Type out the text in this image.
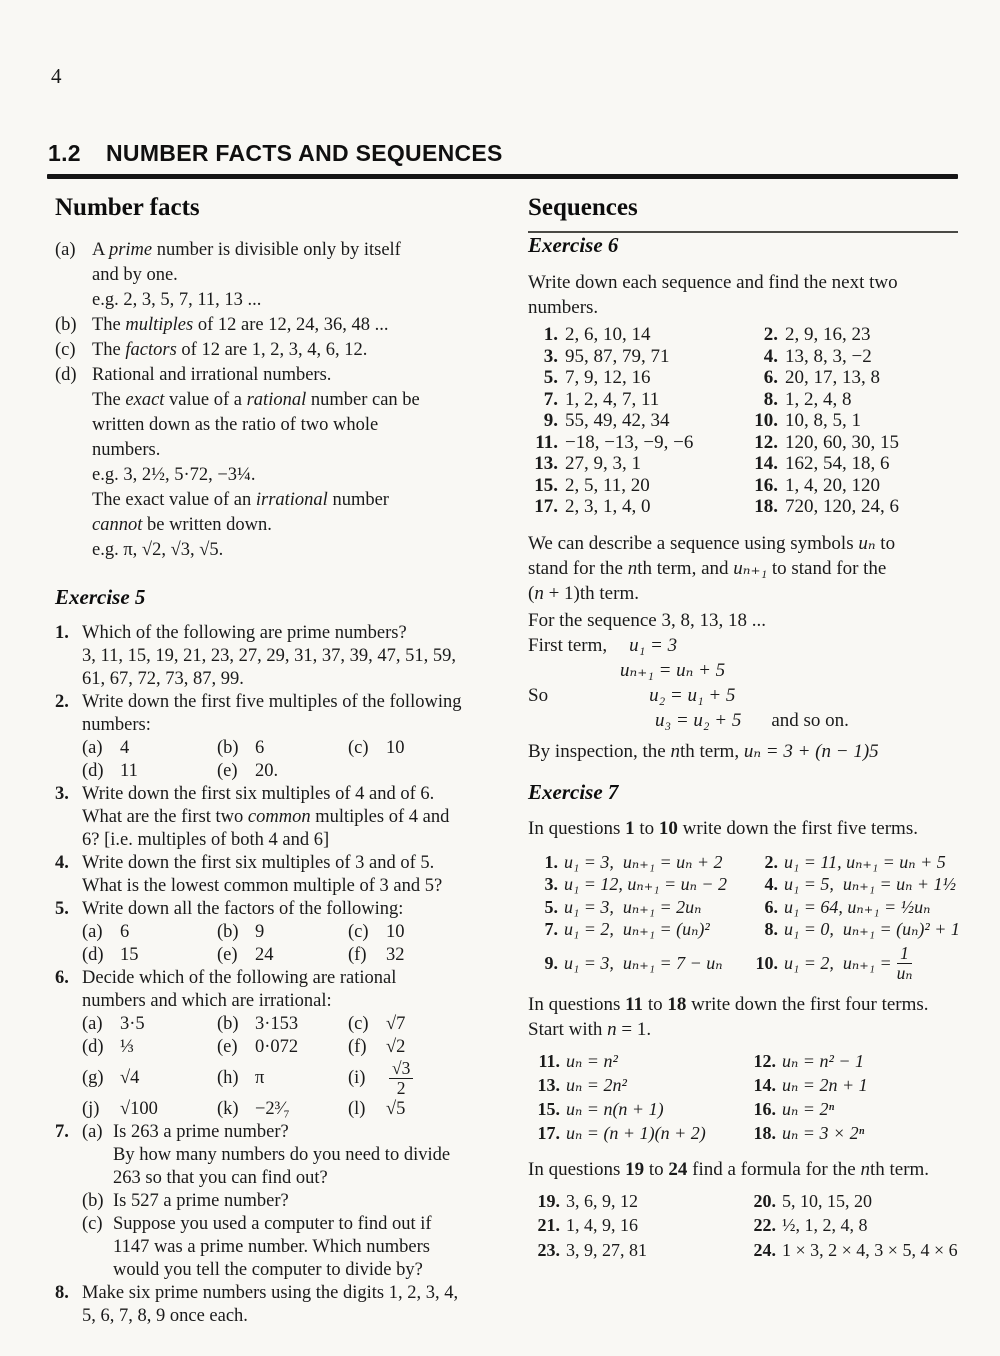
4
1.2 NUMBER FACTS AND SEQUENCES
Number facts
(a) A prime number is divisible only by itself

and by one.

e.g. 2, 3, 5, 7, 11, 13 ...

(b) The multiples of 12 are 12, 24, 36, 48 ...

(c) The factors of 12 are 1, 2, 3, 4, 6, 12.

(d) Rational and irrational numbers.

The exact value of a rational number can be

written down as the ratio of two whole

numbers.

e.g. 3, 2½, 5·72, −3¼.

The exact value of an irrational number

cannot be written down.

e.g. π, √2, √3, √5.

Exercise 5
1. Which of the following are prime numbers?

3, 11, 15, 19, 21, 23, 27, 29, 31, 37, 39, 47, 51, 59,

61, 67, 72, 73, 87, 99.

2. Write down the first five multiples of the following

numbers:

(a) 4	(b) 6	(c) 10
(d) 11	(e) 20.
3. Write down the first six multiples of 4 and of 6.

What are the first two common multiples of 4 and

6? [i.e. multiples of both 4 and 6]

4. Write down the first six multiples of 3 and of 5.

What is the lowest common multiple of 3 and 5?

5. Write down all the factors of the following:

(a) 6	(b) 9	(c) 10
(d) 15	(e) 24	(f)	32
6. Decide which of the following are rational

numbers and which are irrational:

(a) 3·5	(b) 3·153	(c) √7
(d) ⅓	(e) 0·072	(f)	√2
(g) √4	(h) π	(i)	$\frac{√3}{2}$
(j)	√100	(k) −2³⁄₇	(l)	√5
7. (a) Is 263 a prime number?

By how many numbers do you need to divide

263 so that you can find out?

(b) Is 527 a prime number?

(c) Suppose you used a computer to find out if

1147 was a prime number. Which numbers

would you tell the computer to divide by?

8. Make six prime numbers using the digits 1, 2, 3, 4,

5, 6, 7, 8, 9 once each.

Sequences
Exercise 6

Write down each sequence and find the next two

numbers.

1. 2, 6, 10, 14	2. 2, 9, 16, 23
3. 95, 87, 79, 71	4. 13, 8, 3, −2
5. 7, 9, 12, 16	6. 20, 17, 13, 8
7. 1, 2, 4, 7, 11	8. 1, 2, 4, 8
9. 55, 49, 42, 34	10. 10, 8, 5, 1
11. −18, −13, −9, −6	12. 120, 60, 30, 15
13. 27, 9, 3, 1	14. 162, 54, 18, 6
15. 2, 5, 11, 20	16. 1, 4, 20, 120
17. 2, 3, 1, 4, 0	18. 720, 120, 24, 6

We can describe a sequence using symbols uₙ to

stand for the nth term, and uₙ₊₁ to stand for the

(n + 1)th term.

For the sequence 3, 8, 13, 18 ...

First term, u₁ = 3

uₙ₊₁ = uₙ + 5

So	u₂ = u₁ + 5

u₃ = u₂ + 5 and so on.

By inspection, the nth term, uₙ = 3 + (n − 1)5

Exercise 7

In questions 1 to 10 write down the first five terms.

1. u₁ = 3,  uₙ₊₁ = uₙ + 2	2. u₁ = 11, uₙ₊₁ = uₙ + 5
3. u₁ = 12, uₙ₊₁ = uₙ − 2	4. u₁ = 5,  uₙ₊₁ = uₙ + 1½
5. u₁ = 3,  uₙ₊₁ = 2uₙ	6. u₁ = 64, uₙ₊₁ = ½uₙ
7. u₁ = 2,  uₙ₊₁ = (uₙ)²	8. u₁ = 0,  uₙ₊₁ = (uₙ)² + 1
9. u₁ = 3,  uₙ₊₁ = 7 − uₙ	10. u₁ = 2,  $u_{n+1} = \frac{1}{\text{uₙ}}$

In questions 11 to 18 write down the first four terms.

Start with n = 1.

11. uₙ = n²	12. uₙ = n² − 1
13. uₙ = 2n²	14. uₙ = 2n + 1
15. uₙ = n(n + 1)	16. uₙ = 2ⁿ
17. uₙ = (n + 1)(n + 2)	18. uₙ = 3 × 2ⁿ

In questions 19 to 24 find a formula for the nth term.

19. 3, 6, 9, 12	20. 5, 10, 15, 20
21. 1, 4, 9, 16	22. ½, 1, 2, 4, 8
23. 3, 9, 27, 81	24. 1 × 3, 2 × 4, 3 × 5, 4 × 6
